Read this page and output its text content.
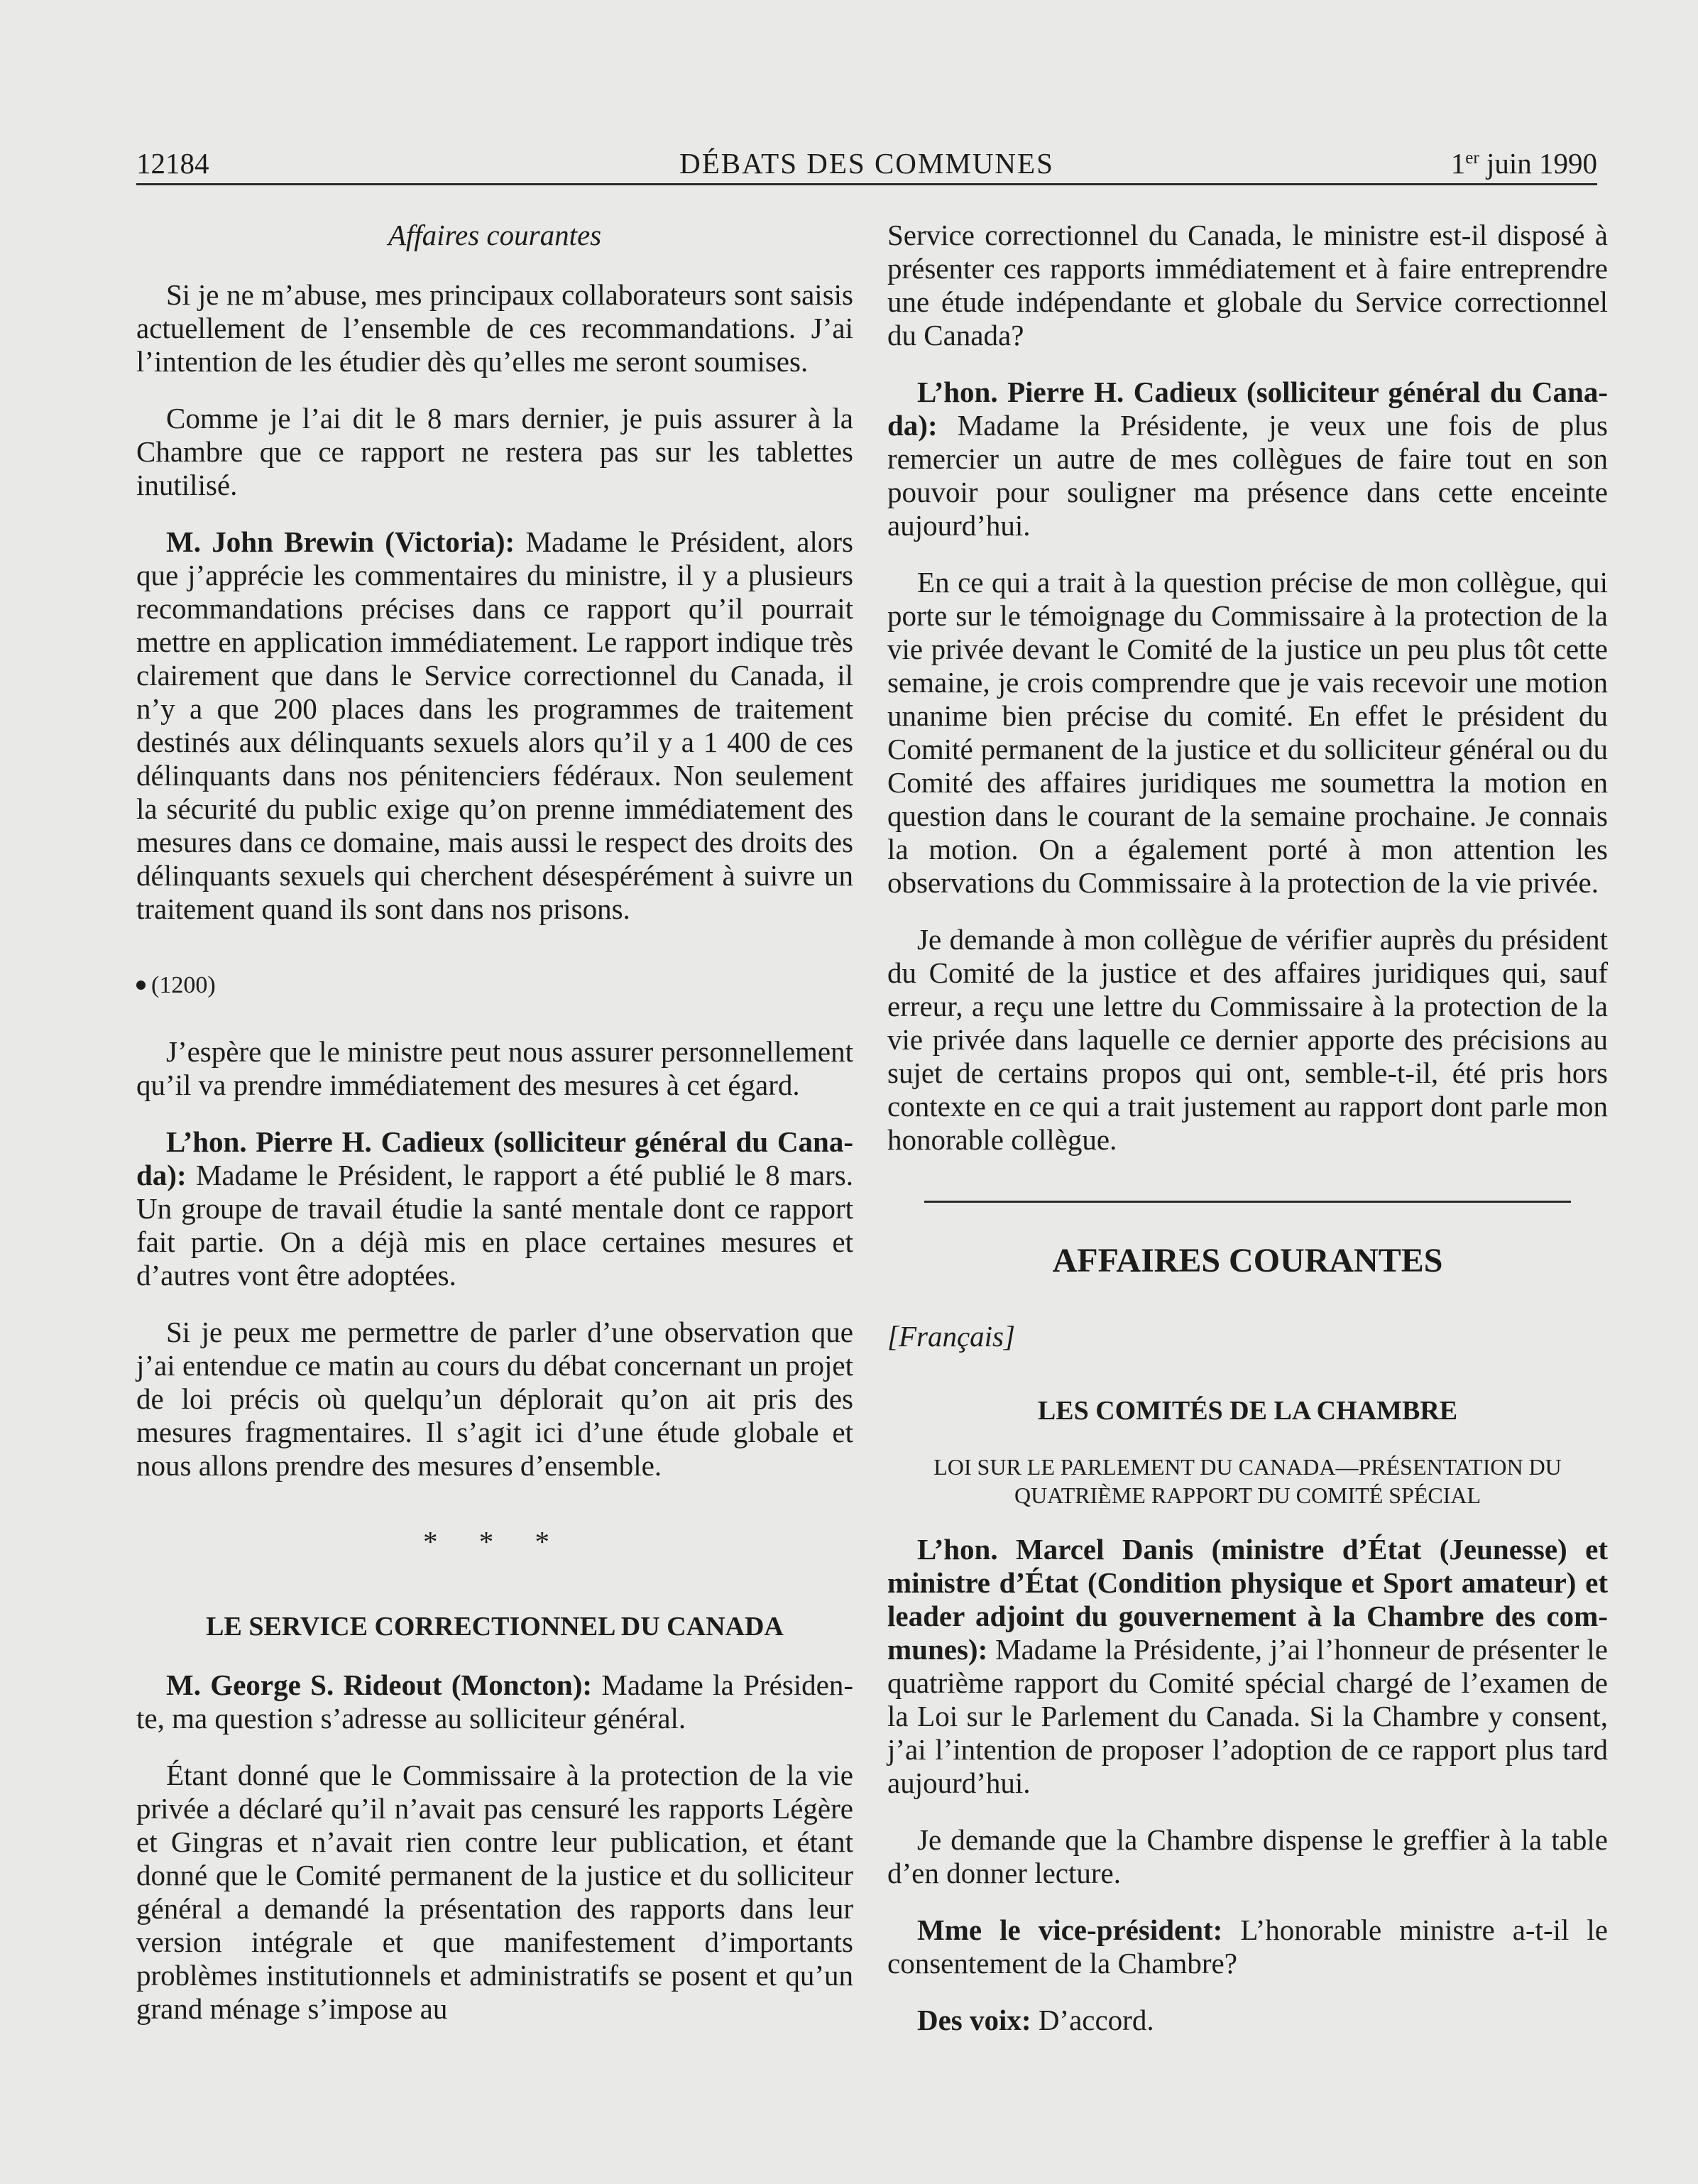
12184	DÉBATS DES COMMUNES	1er juin 1990

Affaires courantes

Si je ne m’abuse, mes principaux collaborateurs sont saisis actuellement de l’ensemble de ces recommandations. J’ai l’intention de les étudier dès qu’elles me seront soumises.

Comme je l’ai dit le 8 mars dernier, je puis assurer à la Chambre que ce rapport ne restera pas sur les tablettes inutilisé.

M. John Brewin (Victoria): Madame le Président, alors que j’apprécie les commentaires du ministre, il y a plusieurs recommandations précises dans ce rapport qu’il pourrait mettre en application immédiatement. Le rapport indique très clairement que dans le Service correctionnel du Canada, il n’y a que 200 places dans les programmes de traitement destinés aux délinquants sexuels alors qu’il y a 1 400 de ces délinquants dans nos pénitenciers fédéraux. Non seulement la sécurité du public exige qu’on prenne immédiatement des mesures dans ce domaine, mais aussi le respect des droits des délinquants sexuels qui cherchent désespérément à suivre un traitement quand ils sont dans nos prisons.

(1200)

J’espère que le ministre peut nous assurer personnellement qu’il va prendre immédiatement des mesures à cet égard.

L’hon. Pierre H. Cadieux (solliciteur général du Canada): Madame le Président, le rapport a été publié le 8 mars. Un groupe de travail étudie la santé mentale dont ce rapport fait partie. On a déjà mis en place certaines mesures et d’autres vont être adoptées.

Si je peux me permettre de parler d’une observation que j’ai entendue ce matin au cours du débat concernant un projet de loi précis où quelqu’un déplorait qu’on ait pris des mesures fragmentaires. Il s’agit ici d’une étude globale et nous allons prendre des mesures d’ensemble.

* * *

LE SERVICE CORRECTIONNEL DU CANADA

M. George S. Rideout (Moncton): Madame la Présidente, ma question s’adresse au solliciteur général.

Étant donné que le Commissaire à la protection de la vie privée a déclaré qu’il n’avait pas censuré les rapports Légère et Gingras et n’avait rien contre leur publication, et étant donné que le Comité permanent de la justice et du solliciteur général a demandé la présentation des rapports dans leur version intégrale et que manifestement d’importants problèmes institutionnels et administratifs se posent et qu’un grand ménage s’impose au

Service correctionnel du Canada, le ministre est-il disposé à présenter ces rapports immédiatement et à faire entreprendre une étude indépendante et globale du Service correctionnel du Canada?

L’hon. Pierre H. Cadieux (solliciteur général du Canada): Madame la Présidente, je veux une fois de plus remercier un autre de mes collègues de faire tout en son pouvoir pour souligner ma présence dans cette enceinte aujourd’hui.

En ce qui a trait à la question précise de mon collègue, qui porte sur le témoignage du Commissaire à la protection de la vie privée devant le Comité de la justice un peu plus tôt cette semaine, je crois comprendre que je vais recevoir une motion unanime bien précise du comité. En effet le président du Comité permanent de la justice et du solliciteur général ou du Comité des affaires juridiques me soumettra la motion en question dans le courant de la semaine prochaine. Je connais la motion. On a également porté à mon attention les observations du Commissaire à la protection de la vie privée.

Je demande à mon collègue de vérifier auprès du président du Comité de la justice et des affaires juridiques qui, sauf erreur, a reçu une lettre du Commissaire à la protection de la vie privée dans laquelle ce dernier apporte des précisions au sujet de certains propos qui ont, semble-t-il, été pris hors contexte en ce qui a trait justement au rapport dont parle mon honorable collègue.

AFFAIRES COURANTES

[Français]

LES COMITÉS DE LA CHAMBRE

LOI SUR LE PARLEMENT DU CANADA—PRÉSENTATION DU QUATRIÈME RAPPORT DU COMITÉ SPÉCIAL

L’hon. Marcel Danis (ministre d’État (Jeunesse) et ministre d’État (Condition physique et Sport amateur) et leader adjoint du gouvernement à la Chambre des communes): Madame la Présidente, j’ai l’honneur de présenter le quatrième rapport du Comité spécial chargé de l’examen de la Loi sur le Parlement du Canada. Si la Chambre y consent, j’ai l’intention de proposer l’adoption de ce rapport plus tard aujourd’hui.

Je demande que la Chambre dispense le greffier à la table d’en donner lecture.

Mme le vice-président: L’honorable ministre a-t-il le consentement de la Chambre?

Des voix: D’accord.
